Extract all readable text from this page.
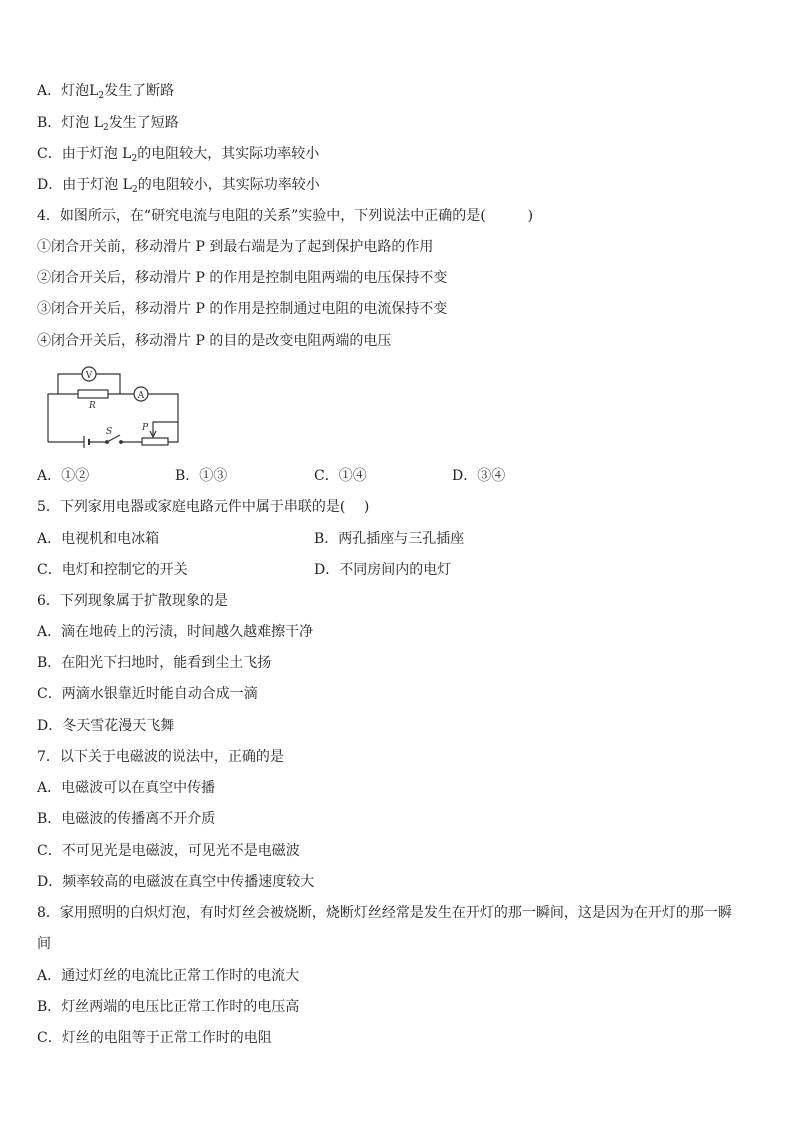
A．灯泡$L_2$发生了断路
B．灯泡 $L_2$发生了短路
C．由于灯泡 $L_2$的电阻较大，其实际功率较小
D．由于灯泡 $L_2$的电阻较小，其实际功率较小
4．如图所示，在“研究电流与电阻的关系”实验中，下列说法中正确的是(　　　)
①闭合开关前，移动滑片 P 到最右端是为了起到保护电路的作用
②闭合开关后，移动滑片 P 的作用是控制电阻两端的电压保持不变
③闭合开关后，移动滑片 P 的作用是控制通过电阻的电流保持不变
④闭合开关后，移动滑片 P 的目的是改变电阻两端的电压
V
R
A
S	P
A．①②	B．①③	C．①④	D．③④
5．下列家用电器或家庭电路元件中属于串联的是(　 )
A．电视机和电冰箱	B．两孔插座与三孔插座
C．电灯和控制它的开关	D．不同房间内的电灯
6．下列现象属于扩散现象的是
A．滴在地砖上的污渍，时间越久越难擦干净
B．在阳光下扫地时，能看到尘土飞扬
C．两滴水银靠近时能自动合成一滴
D．冬天雪花漫天飞舞
7．以下关于电磁波的说法中，正确的是
A．电磁波可以在真空中传播
B．电磁波的传播离不开介质
C．不可见光是电磁波，可见光不是电磁波
D．频率较高的电磁波在真空中传播速度较大
8．家用照明的白炽灯泡，有时灯丝会被烧断，烧断灯丝经常是发生在开灯的那一瞬间，这是因为在开灯的那一瞬
间
A．通过灯丝的电流比正常工作时的电流大
B．灯丝两端的电压比正常工作时的电压高
C．灯丝的电阻等于正常工作时的电阻
